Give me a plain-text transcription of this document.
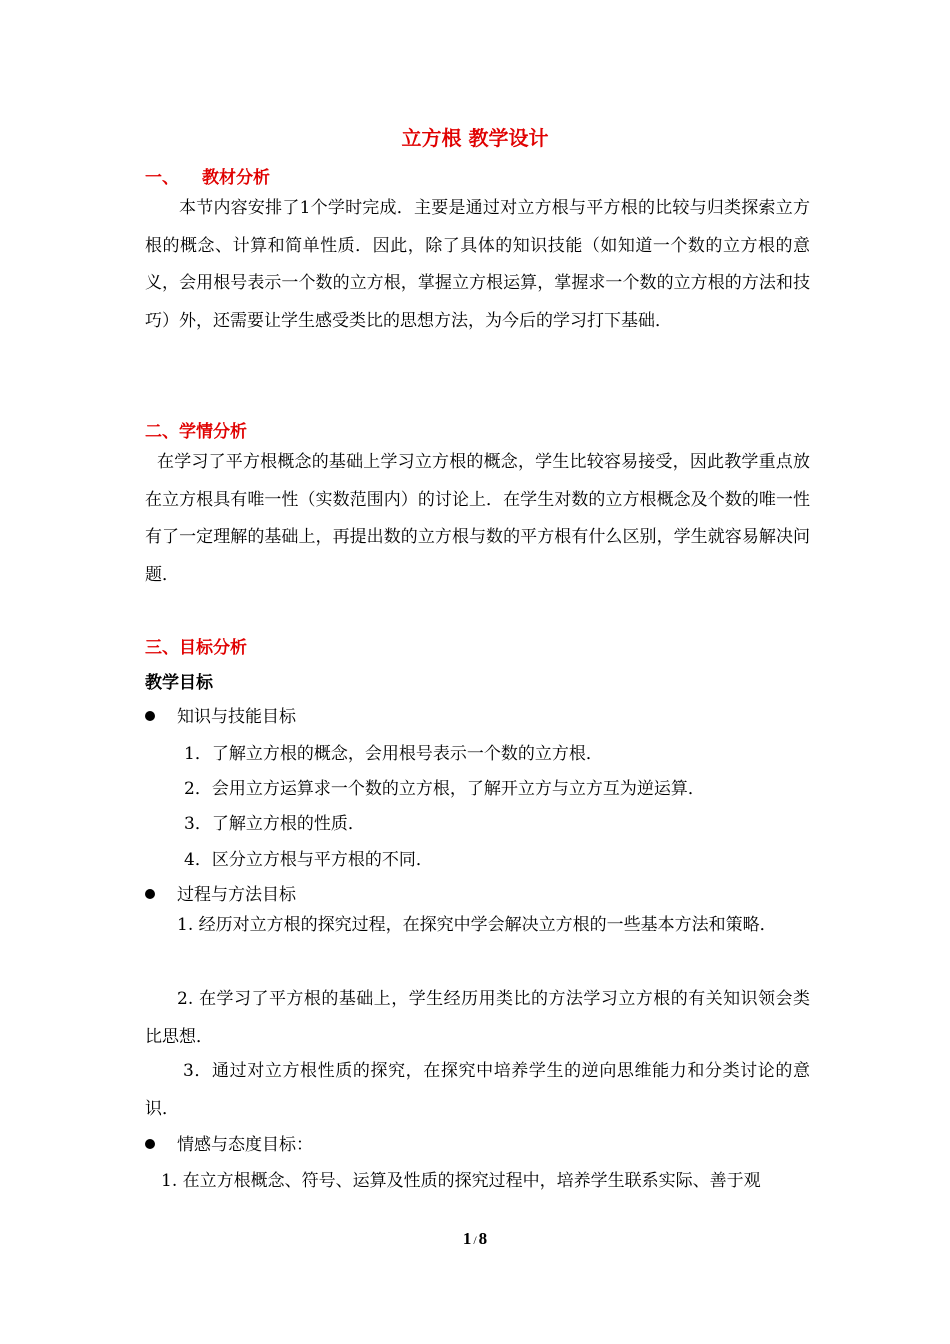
立方根 教学设计
一、 教材分析

本节内容安排了1个学时完成．主要是通过对立方根与平方根的比较与归类探索立方根的概念、计算和简单性质．因此，除了具体的知识技能（如知道一个数的立方根的意义，会用根号表示一个数的立方根，掌握立方根运算，掌握求一个数的立方根的方法和技巧）外，还需要让学生感受类比的思想方法，为今后的学习打下基础．

二、学情分析

在学习了平方根概念的基础上学习立方根的概念，学生比较容易接受，因此教学重点放在立方根具有唯一性（实数范围内）的讨论上．在学生对数的立方根概念及个数的唯一性有了一定理解的基础上，再提出数的立方根与数的平方根有什么区别，学生就容易解决问题．

三、目标分析
教学目标
知识与技能目标
1．了解立方根的概念，会用根号表示一个数的立方根．
2．会用立方运算求一个数的立方根，了解开立方与立方互为逆运算．
3．了解立方根的性质．
4．区分立方根与平方根的不同．
过程与方法目标

1. 经历对立方根的探究过程，在探究中学会解决立方根的一些基本方法和策略．

2. 在学习了平方根的基础上，学生经历用类比的方法学习立方根的有关知识领会类比思想．

3．通过对立方根性质的探究，在探究中培养学生的逆向思维能力和分类讨论的意识．

情感与态度目标：
1. 在立方根概念、符号、运算及性质的探究过程中，培养学生联系实际、善于观
1 / 8
